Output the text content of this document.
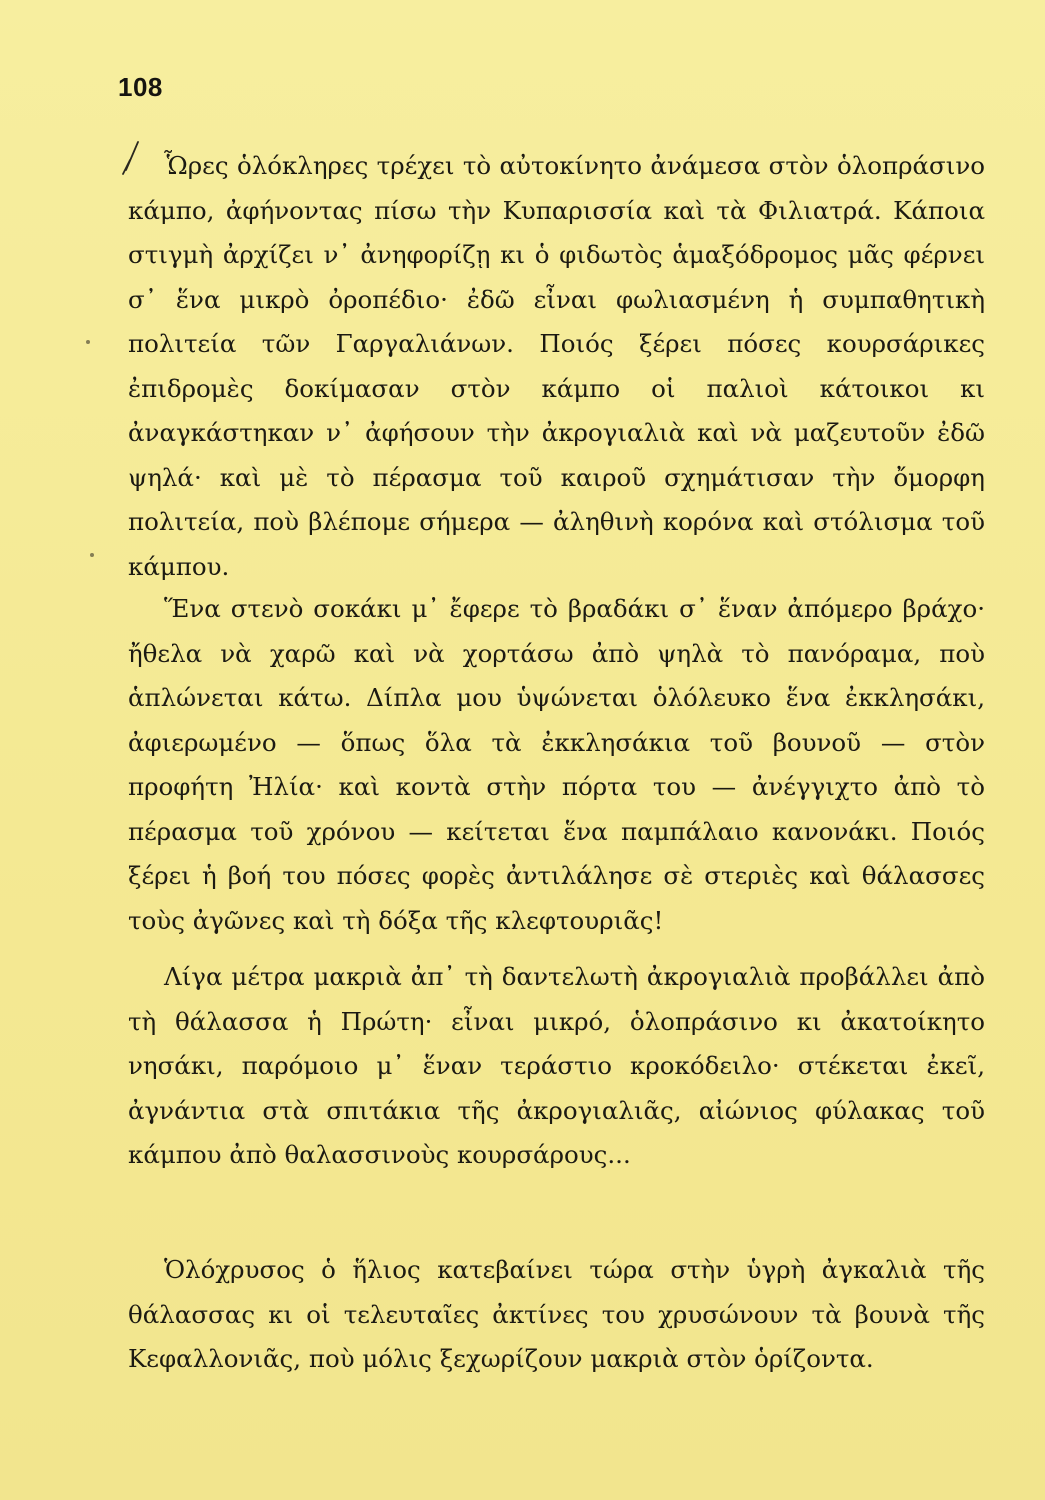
108

Ὧρες ὁλόκληρες τρέχει τὸ αὐτοκίνητο ἀνάμεσα στὸν ὁλοπράσινο κάμπο, ἀφήνοντας πίσω τὴν Κυπαρισσία καὶ τὰ Φιλιατρά. Κάποια στιγμὴ ἀρχίζει ν᾽ ἀνηφορίζῃ κι ὁ φιδωτὸς ἁμαξόδρομος μᾶς φέρνει σ᾽ ἕνα μικρὸ ὀροπέδιο· ἐδῶ εἶναι φωλιασμένη ἡ συμπαθητικὴ πολιτεία τῶν Γαργαλιάνων. Ποιός ξέρει πόσες κουρσάρικες ἐπιδρομὲς δοκίμασαν στὸν κάμπο οἱ παλιοὶ κάτοικοι κι ἀναγκάστηκαν ν᾽ ἀφήσουν τὴν ἀκρογιαλιὰ καὶ νὰ μαζευτοῦν ἐδῶ ψηλά· καὶ μὲ τὸ πέρασμα τοῦ καιροῦ σχημάτισαν τὴν ὄμορφη πολιτεία, ποὺ βλέπομε σήμερα — ἀληθινὴ κορόνα καὶ στόλισμα τοῦ κάμπου.

Ἕνα στενὸ σοκάκι μ᾽ ἔφερε τὸ βραδάκι σ᾽ ἕναν ἀπόμερο βράχο· ἤθελα νὰ χαρῶ καὶ νὰ χορτάσω ἀπὸ ψηλὰ τὸ πανόραμα, ποὺ ἁπλώνεται κάτω. Δίπλα μου ὑψώνεται ὁλόλευκο ἕνα ἐκκλησάκι, ἀφιερωμένο — ὅπως ὅλα τὰ ἐκκλησάκια τοῦ βουνοῦ — στὸν προφήτη Ἠλία· καὶ κοντὰ στὴν πόρτα του — ἀνέγγιχτο ἀπὸ τὸ πέρασμα τοῦ χρόνου — κείτεται ἕνα παμπάλαιο κανονάκι. Ποιός ξέρει ἡ βοή του πόσες φορὲς ἀντιλάλησε σὲ στεριὲς καὶ θάλασσες τοὺς ἀγῶνες καὶ τὴ δόξα τῆς κλεφτουριᾶς!

Λίγα μέτρα μακριὰ ἀπ᾽ τὴ δαντελωτὴ ἀκρογιαλιὰ προβάλλει ἀπὸ τὴ θάλασσα ἡ Πρώτη· εἶναι μικρό, ὁλοπράσινο κι ἀκατοίκητο νησάκι, παρόμοιο μ᾽ ἕναν τεράστιο κροκόδειλο· στέκεται ἐκεῖ, ἀγνάντια στὰ σπιτάκια τῆς ἀκρογιαλιᾶς, αἰώνιος φύλακας τοῦ κάμπου ἀπὸ θαλασσινοὺς κουρσάρους...

Ὁλόχρυσος ὁ ἥλιος κατεβαίνει τώρα στὴν ὑγρὴ ἀγκαλιὰ τῆς θάλασσας κι οἱ τελευταῖες ἀκτίνες του χρυσώνουν τὰ βουνὰ τῆς Κεφαλλονιᾶς, ποὺ μόλις ξεχωρίζουν μακριὰ στὸν ὁρίζοντα.
